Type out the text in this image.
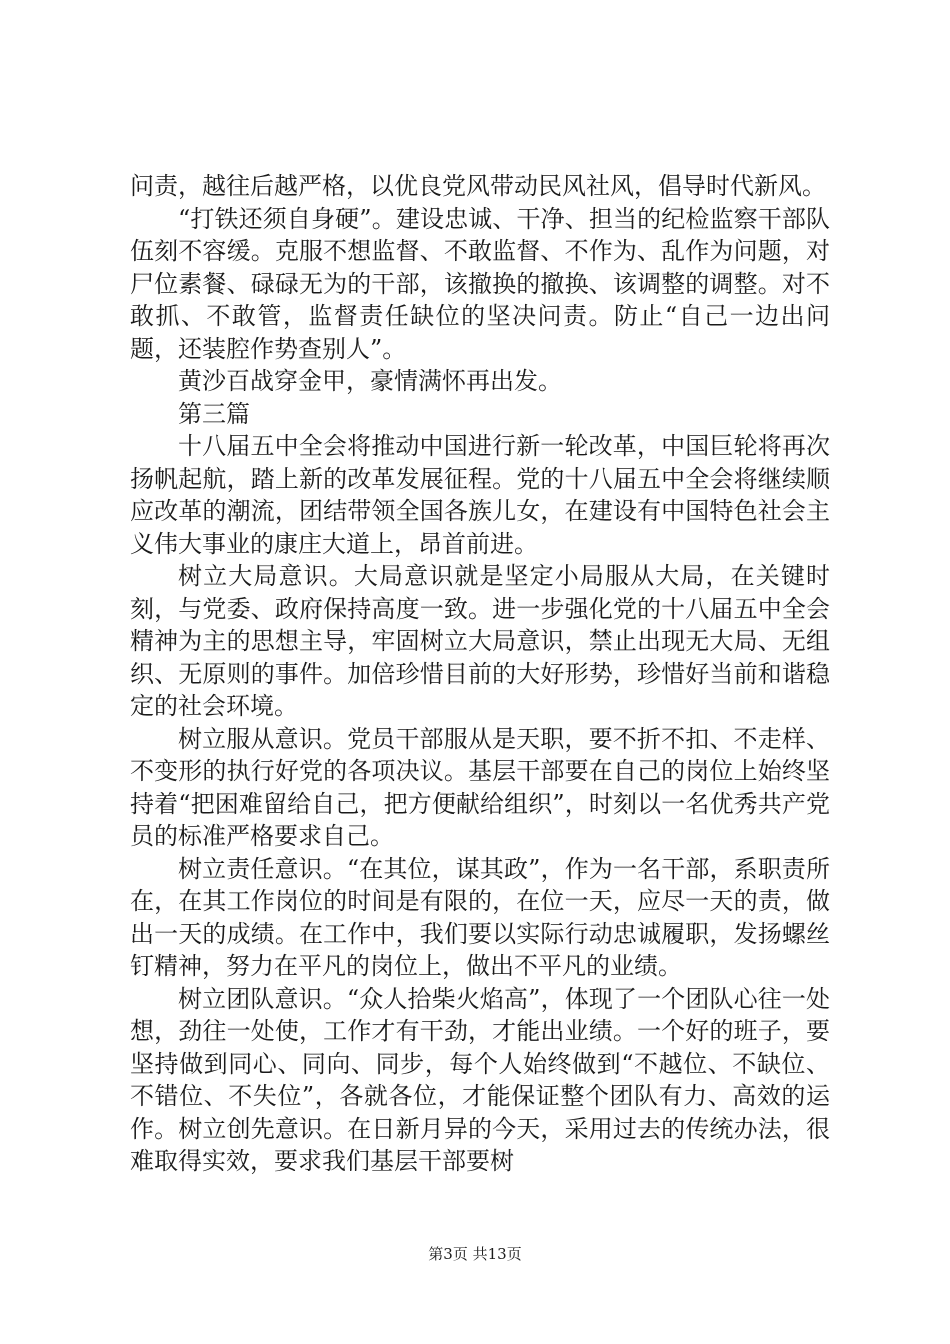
问责，越往后越严格，以优良党风带动民风社风，倡导时代新风。

“打铁还须自身硬”。建设忠诚、干净、担当的纪检监察干部队伍刻不容缓。克服不想监督、不敢监督、不作为、乱作为问题，对尸位素餐、碌碌无为的干部，该撤换的撤换、该调整的调整。对不敢抓、不敢管，监督责任缺位的坚决问责。防止“自己一边出问题，还装腔作势查别人”。

黄沙百战穿金甲，豪情满怀再出发。

第三篇

十八届五中全会将推动中国进行新一轮改革，中国巨轮将再次扬帆起航，踏上新的改革发展征程。党的十八届五中全会将继续顺应改革的潮流，团结带领全国各族儿女，在建设有中国特色社会主义伟大事业的康庄大道上，昂首前进。

树立大局意识。大局意识就是坚定小局服从大局，在关键时刻，与党委、政府保持高度一致。进一步强化党的十八届五中全会精神为主的思想主导，牢固树立大局意识，禁止出现无大局、无组织、无原则的事件。加倍珍惜目前的大好形势，珍惜好当前和谐稳定的社会环境。

树立服从意识。党员干部服从是天职，要不折不扣、不走样、不变形的执行好党的各项决议。基层干部要在自己的岗位上始终坚持着“把困难留给自己，把方便献给组织”，时刻以一名优秀共产党员的标准严格要求自己。

树立责任意识。“在其位，谋其政”，作为一名干部，系职责所在，在其工作岗位的时间是有限的，在位一天，应尽一天的责，做出一天的成绩。在工作中，我们要以实际行动忠诚履职，发扬螺丝钉精神，努力在平凡的岗位上，做出不平凡的业绩。

树立团队意识。“众人拾柴火焰高”，体现了一个团队心往一处想，劲往一处使，工作才有干劲，才能出业绩。一个好的班子，要坚持做到同心、同向、同步，每个人始终做到“不越位、不缺位、不错位、不失位”，各就各位，才能保证整个团队有力、高效的运作。树立创先意识。在日新月异的今天，采用过去的传统办法，很难取得实效，要求我们基层干部要树

第3页 共13页
